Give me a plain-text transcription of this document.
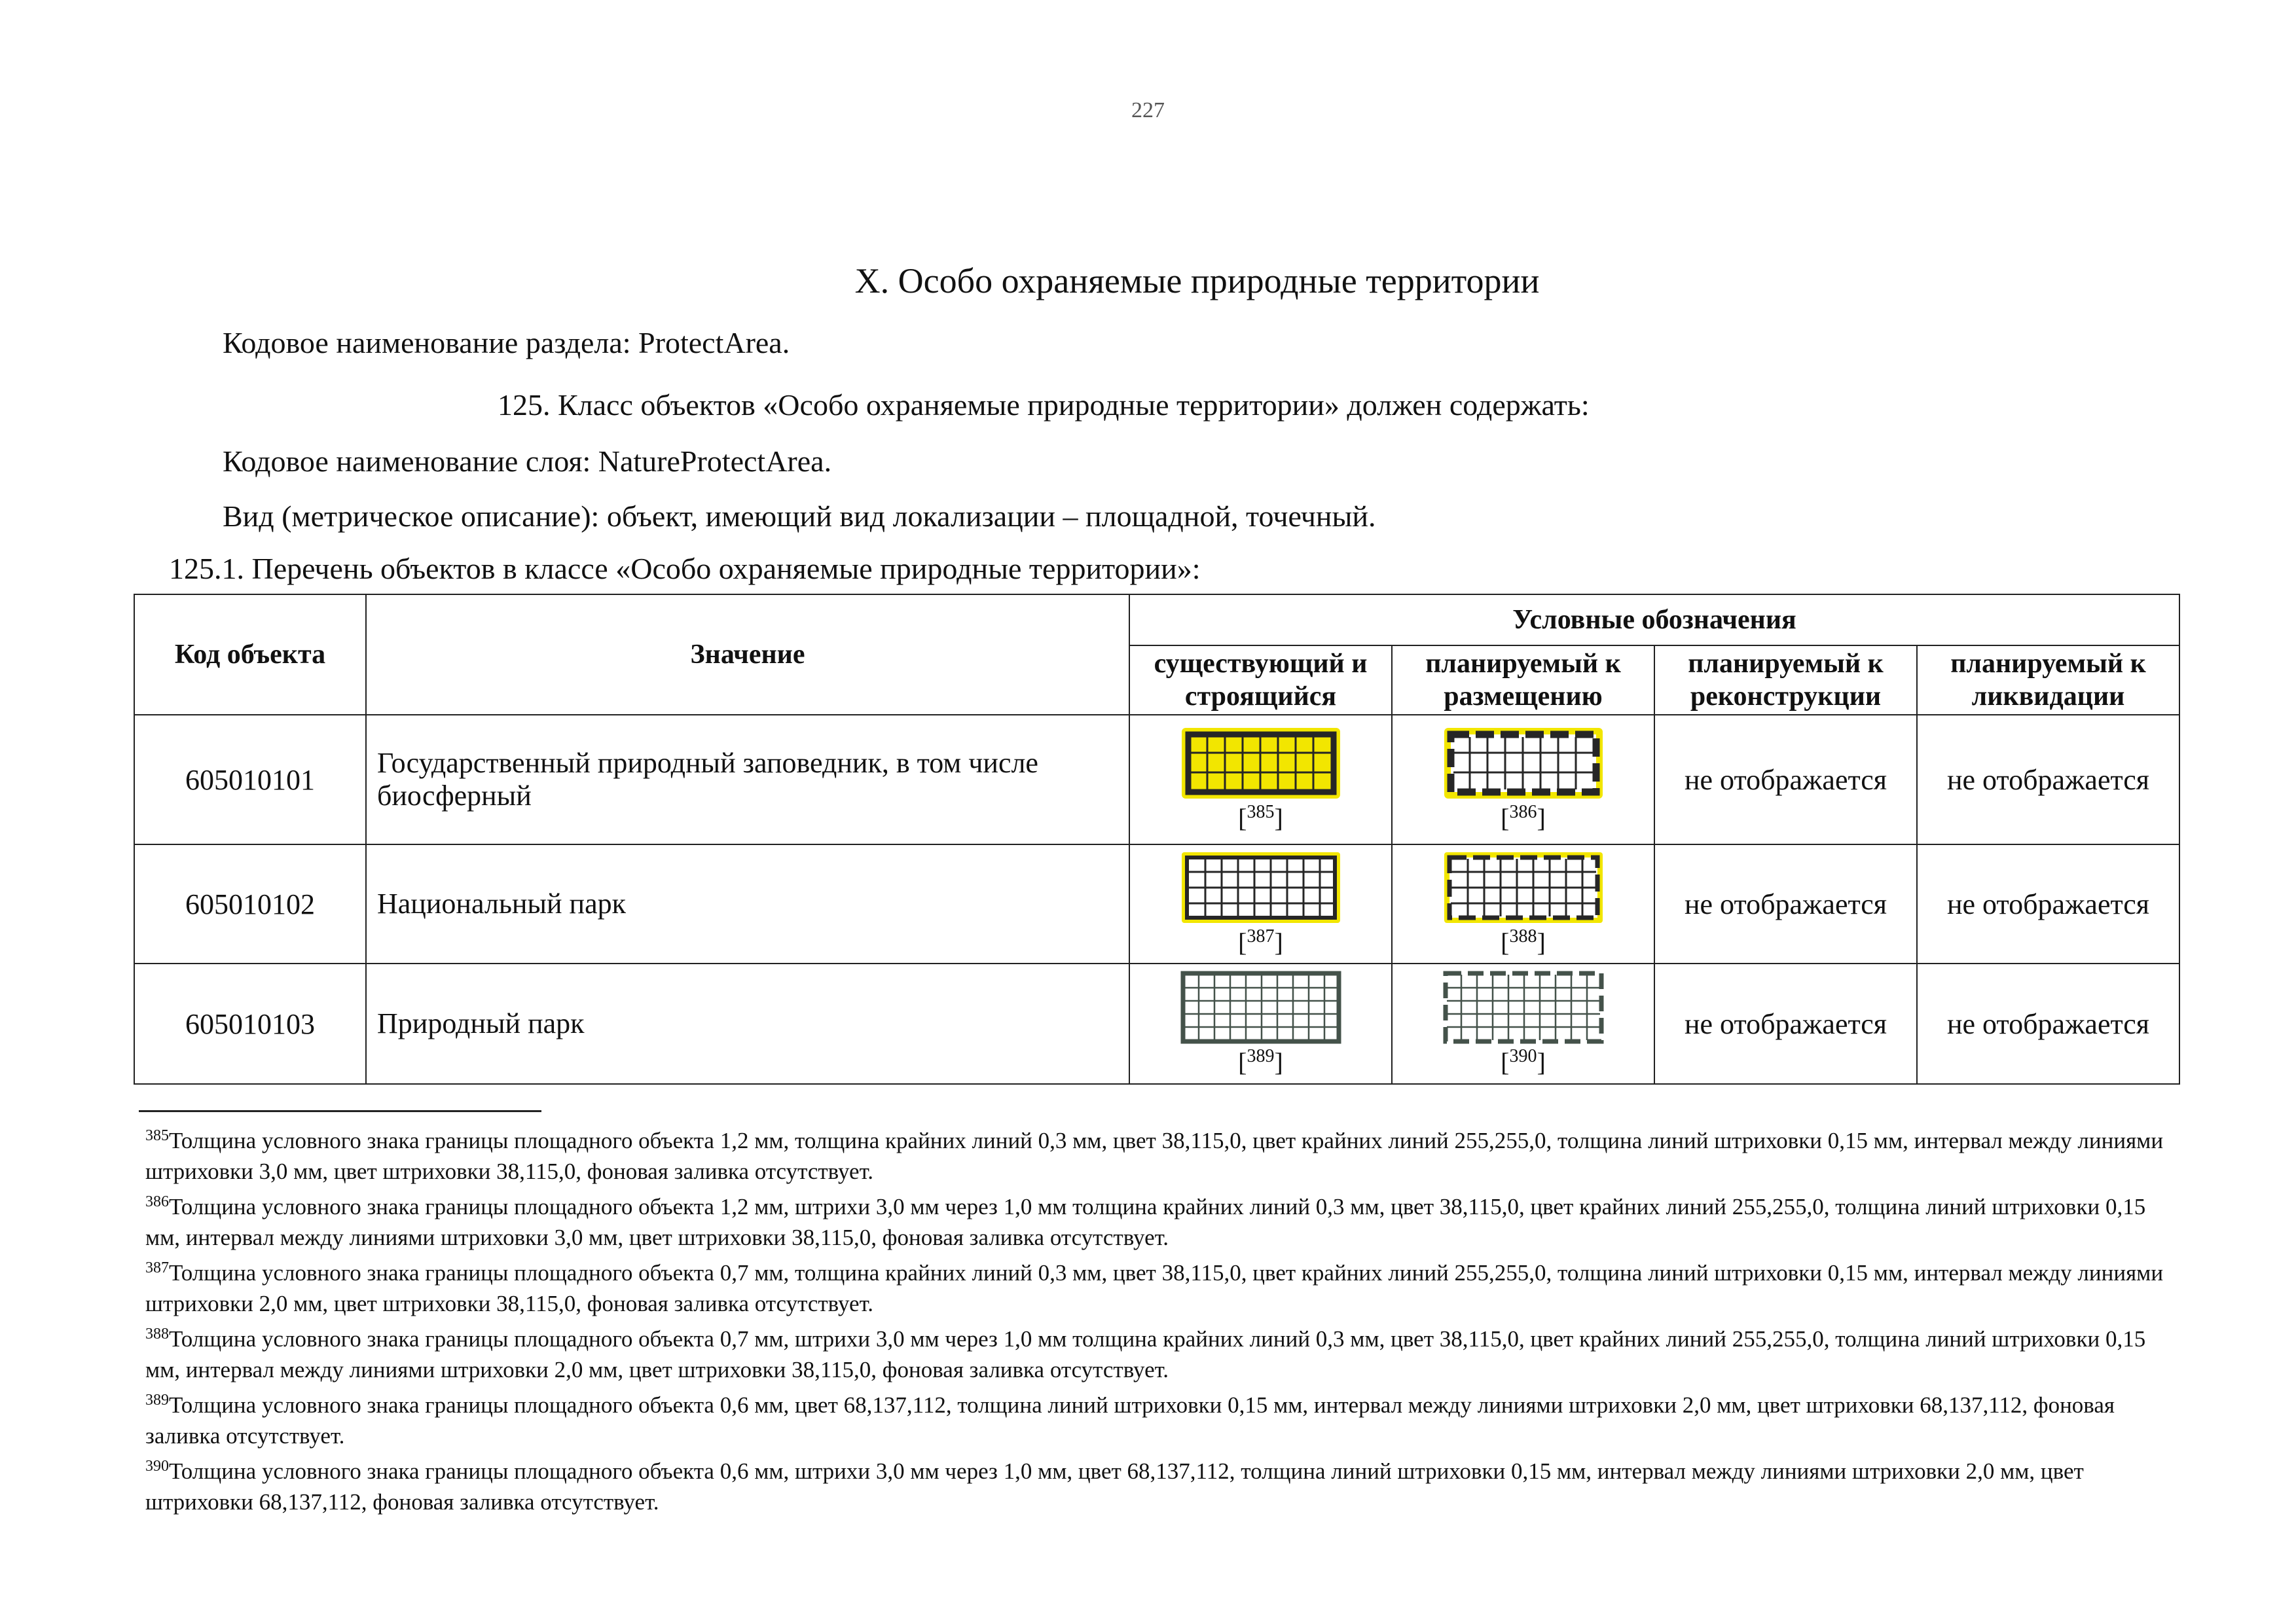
227
X. Особо охраняемые природные территории
Кодовое наименование раздела: ProtectArea.
125. Класс объектов «Особо охраняемые природные территории» должен содержать:
Кодовое наименование слоя: NatureProtectArea.
Вид (метрическое описание): объект, имеющий вид локализации – площадной, точечный.
125.1. Перечень объектов в классе «Особо охраняемые природные территории»:
Код объекта	Значение	Условные обозначения			
		существующий и строящийся	планируемый к размещению	планируемый к реконструкции	планируемый к ликвидации
605010101	Государственный природный заповедник, в том числе биосферный	[$^{385}$]	[$^{386}$]	не отображается	не отображается
605010102	Национальный парк	[$^{387}$]	[$^{388}$]	не отображается	не отображается
605010103	Природный парк	[$^{389}$]	[$^{390}$]	не отображается	не отображается

$^{385}$Толщина условного знака границы площадного объекта 1,2 мм, толщина крайних линий 0,3 мм, цвет 38,115,0, цвет крайних линий 255,255,0, толщина линий штриховки 0,15 мм, интервал между линиями штриховки 3,0 мм, цвет штриховки 38,115,0, фоновая заливка отсутствует.

$^{386}$Толщина условного знака границы площадного объекта 1,2 мм, штрихи 3,0 мм через 1,0 мм толщина крайних линий 0,3 мм, цвет 38,115,0, цвет крайних линий 255,255,0, толщина линий штриховки 0,15 мм, интервал между линиями штриховки 3,0 мм, цвет штриховки 38,115,0, фоновая заливка отсутствует.

$^{387}$Толщина условного знака границы площадного объекта 0,7 мм, толщина крайних линий 0,3 мм, цвет 38,115,0, цвет крайних линий 255,255,0, толщина линий штриховки 0,15 мм, интервал между линиями штриховки 2,0 мм, цвет штриховки 38,115,0, фоновая заливка отсутствует.

$^{388}$Толщина условного знака границы площадного объекта 0,7 мм, штрихи 3,0 мм через 1,0 мм толщина крайних линий 0,3 мм, цвет 38,115,0, цвет крайних линий 255,255,0, толщина линий штриховки 0,15 мм, интервал между линиями штриховки 2,0 мм, цвет штриховки 38,115,0, фоновая заливка отсутствует.

$^{389}$Толщина условного знака границы площадного объекта 0,6 мм, цвет 68,137,112, толщина линий штриховки 0,15 мм, интервал между линиями штриховки 2,0 мм, цвет штриховки 68,137,112, фоновая заливка отсутствует.

$^{390}$Толщина условного знака границы площадного объекта 0,6 мм, штрихи 3,0 мм через 1,0 мм, цвет 68,137,112, толщина линий штриховки 0,15 мм, интервал между линиями штриховки 2,0 мм, цвет штриховки 68,137,112, фоновая заливка отсутствует.
